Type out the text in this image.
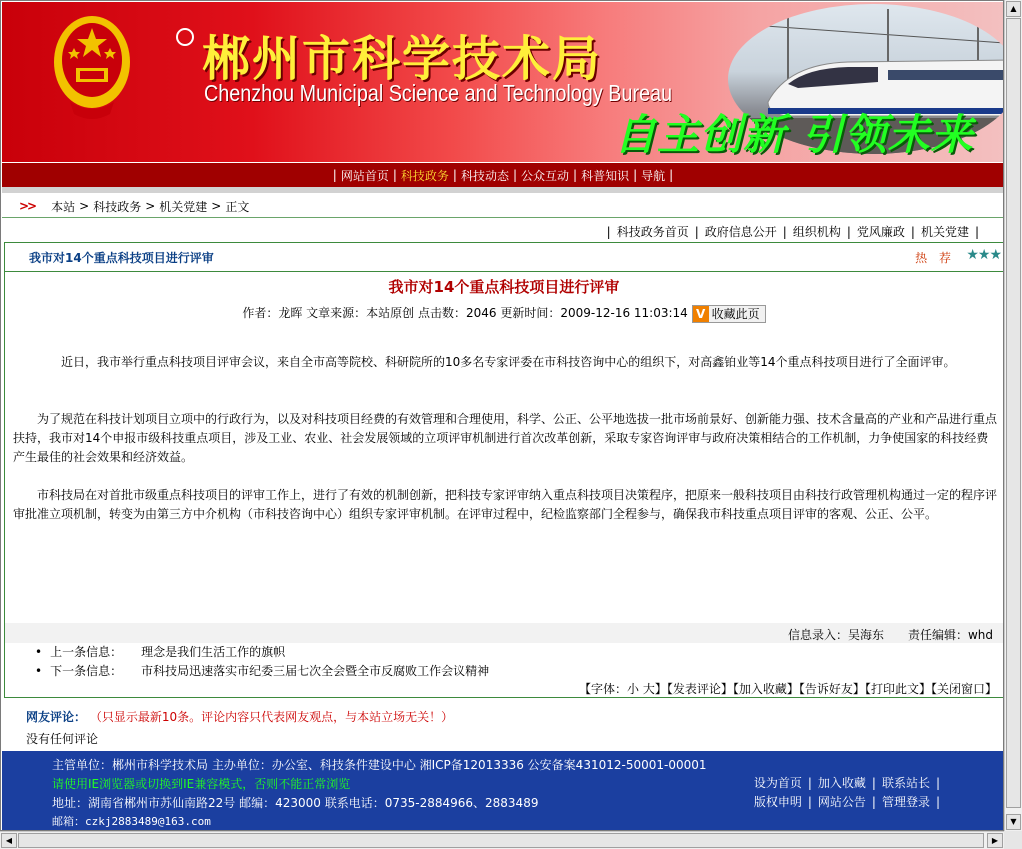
郴州市科学技术局
Chenzhou Municipal Science and Technology Bureau
自主创新 引领未来
| 网站首页 | 科技政务 | 科技动态 | 公众互动 | 科普知识 | 导航 |
>> 本站 > 科技政务 > 机关党建 > 正文
| 科技政务首页 | 政府信息公开 | 组织机构 | 党风廉政 | 机关党建 |
我市对14个重点科技项目进行评审	热 荐 ★★★
我市对14个重点科技项目进行评审
作者：龙晖 文章来源：本站原创 点击数：2046 更新时间：2009-12-16 11:03:14 V 收藏此页

近日，我市举行重点科技项目评审会议，来自全市高等院校、科研院所的10多名专家评委在市科技咨询中心的组织下，对高鑫铂业等14个重点科技项目进行了全面评审。

为了规范在科技计划项目立项中的行政行为，以及对科技项目经费的有效管理和合理使用，科学、公正、公平地选拔一批市场前景好、创新能力强、技术含量高的产业和产品进行重点扶持，我市对14个申报市级科技重点项目，涉及工业、农业、社会发展领域的立项评审机制进行首次改革创新，采取专家咨询评审与政府决策相结合的工作机制，力争使国家的科技经费产生最佳的社会效果和经济效益。

市科技局在对首批市级重点科技项目的评审工作上，进行了有效的机制创新，把科技专家评审纳入重点科技项目决策程序，把原来一般科技项目由科技行政管理机构通过一定的程序评审批准立项机制，转变为由第三方中介机构（市科技咨询中心）组织专家评审机制。在评审过程中，纪检监察部门全程参与，确保我市科技重点项目评审的客观、公正、公平。

信息录入：吴海东　　责任编辑：whd
• 上一条信息：	理念是我们生活工作的旗帜
• 下一条信息：	市科技局迅速落实市纪委三届七次全会暨全市反腐败工作会议精神
【字体：小 大】【发表评论】【加入收藏】【告诉好友】【打印此文】【关闭窗口】
网友评论： （只显示最新10条。评论内容只代表网友观点，与本站立场无关！）
没有任何评论
主管单位：郴州市科学技术局 主办单位：办公室、科技条件建设中心 湘ICP备12013336 公安备案431012-50001-00001
请使用IE浏览器或切换到IE兼容模式，否则不能正常浏览
地址：湖南省郴州市苏仙南路22号 邮编：423000 联系电话：0735-2884966、2883489
邮箱：czkj2883489@163.com
设为首页 | 加入收藏 | 联系站长 |
版权申明 | 网站公告 | 管理登录 |
▲
▼
◀	▶
